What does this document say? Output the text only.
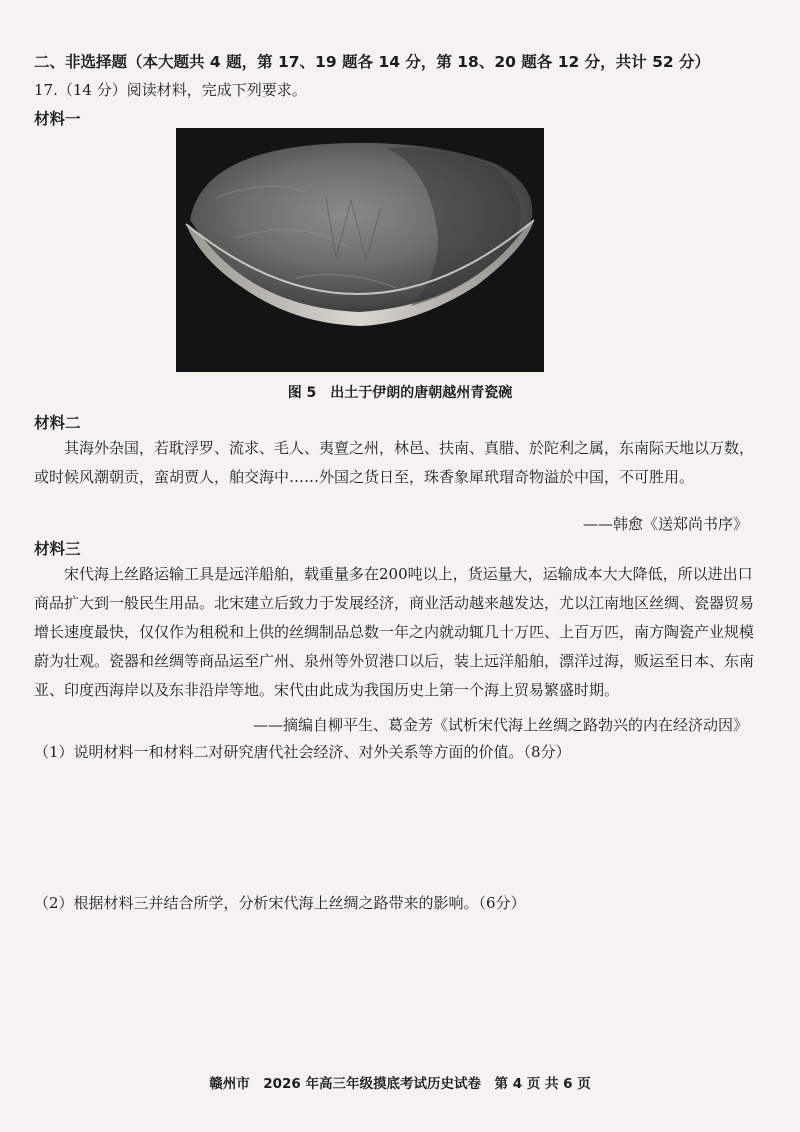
二、非选择题（本大题共 4 题，第 17、19 题各 14 分，第 18、20 题各 12 分，共计 52 分）
17.（14 分）阅读材料，完成下列要求。
材料一
图 5　出土于伊朗的唐朝越州青瓷碗
材料二

其海外杂国，若耽浮罗、流求、毛人、夷亶之州，林邑、扶南、真腊、於陀利之属，东南际天地以万数，或时候风潮朝贡，蛮胡贾人，舶交海中……外国之货日至，珠香象犀玳瑁奇物溢於中国，不可胜用。

——韩愈《送郑尚书序》
材料三

宋代海上丝路运输工具是远洋船舶，载重量多在200吨以上，货运量大，运输成本大大降低，所以进出口商品扩大到一般民生用品。北宋建立后致力于发展经济，商业活动越来越发达，尤以江南地区丝绸、瓷器贸易增长速度最快，仅仅作为租税和上供的丝绸制品总数一年之内就动辄几十万匹、上百万匹，南方陶瓷产业规模蔚为壮观。瓷器和丝绸等商品运至广州、泉州等外贸港口以后，装上远洋船舶，漂洋过海，贩运至日本、东南亚、印度西海岸以及东非沿岸等地。宋代由此成为我国历史上第一个海上贸易繁盛时期。

——摘编自柳平生、葛金芳《试析宋代海上丝绸之路勃兴的内在经济动因》
（1）说明材料一和材料二对研究唐代社会经济、对外关系等方面的价值。（8分）
（2）根据材料三并结合所学，分析宋代海上丝绸之路带来的影响。（6分）
赣州市　2026 年高三年级摸底考试历史试卷　第 4 页 共 6 页
